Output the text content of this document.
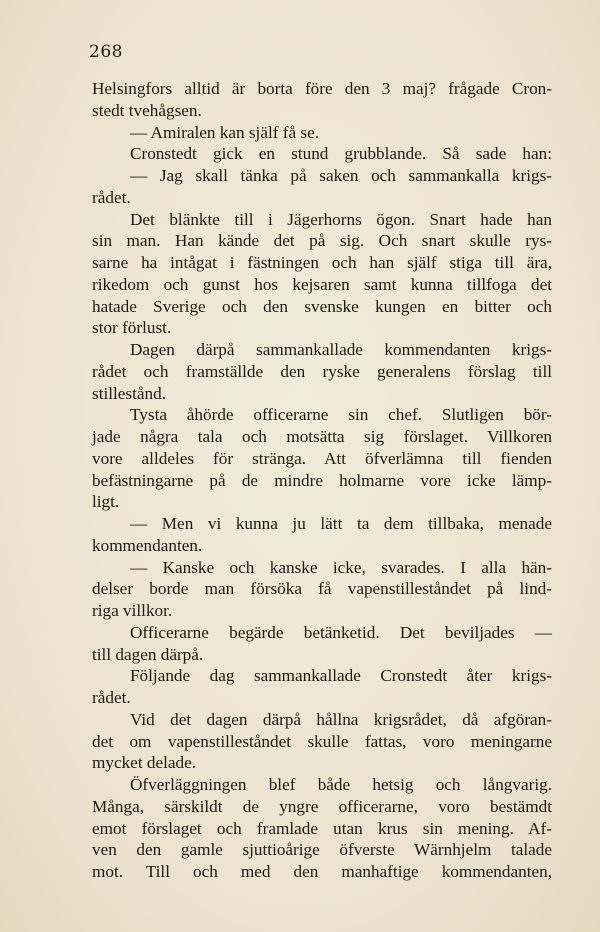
268
Helsingfors alltid är borta före den 3 maj? frågade Cron-
stedt tvehågsen.
— Amiralen kan själf få se.
Cronstedt gick en stund grubblande. Så sade han:
— Jag skall tänka på saken och sammankalla krigs-
rådet.
Det blänkte till i Jägerhorns ögon. Snart hade han
sin man. Han kände det på sig. Och snart skulle rys-
sarne ha intågat i fästningen och han själf stiga till ära,
rikedom och gunst hos kejsaren samt kunna tillfoga det
hatade Sverige och den svenske kungen en bitter och
stor förlust.
Dagen därpå sammankallade kommendanten krigs-
rådet och framställde den ryske generalens förslag till
stillestånd.
Tysta åhörde officerarne sin chef. Slutligen bör-
jade några tala och motsätta sig förslaget. Villkoren
vore alldeles för stränga. Att öfverlämna till fienden
befästningarne på de mindre holmarne vore icke lämp-
ligt.
— Men vi kunna ju lätt ta dem tillbaka, menade
kommendanten.
— Kanske och kanske icke, svarades. I alla hän-
delser borde man försöka få vapenstilleståndet på lind-
riga villkor.
Officerarne begärde betänketid. Det beviljades —
till dagen därpå.
Följande dag sammankallade Cronstedt åter krigs-
rådet.
Vid det dagen därpå hållna krigsrådet, då afgöran-
det om vapenstilleståndet skulle fattas, voro meningarne
mycket delade.
Öfverläggningen blef både hetsig och långvarig.
Många, särskildt de yngre officerarne, voro bestämdt
emot förslaget och framlade utan krus sin mening. Af-
ven den gamle sjuttioårige öfverste Wärnhjelm talade
mot. Till och med den manhaftige kommendanten,
